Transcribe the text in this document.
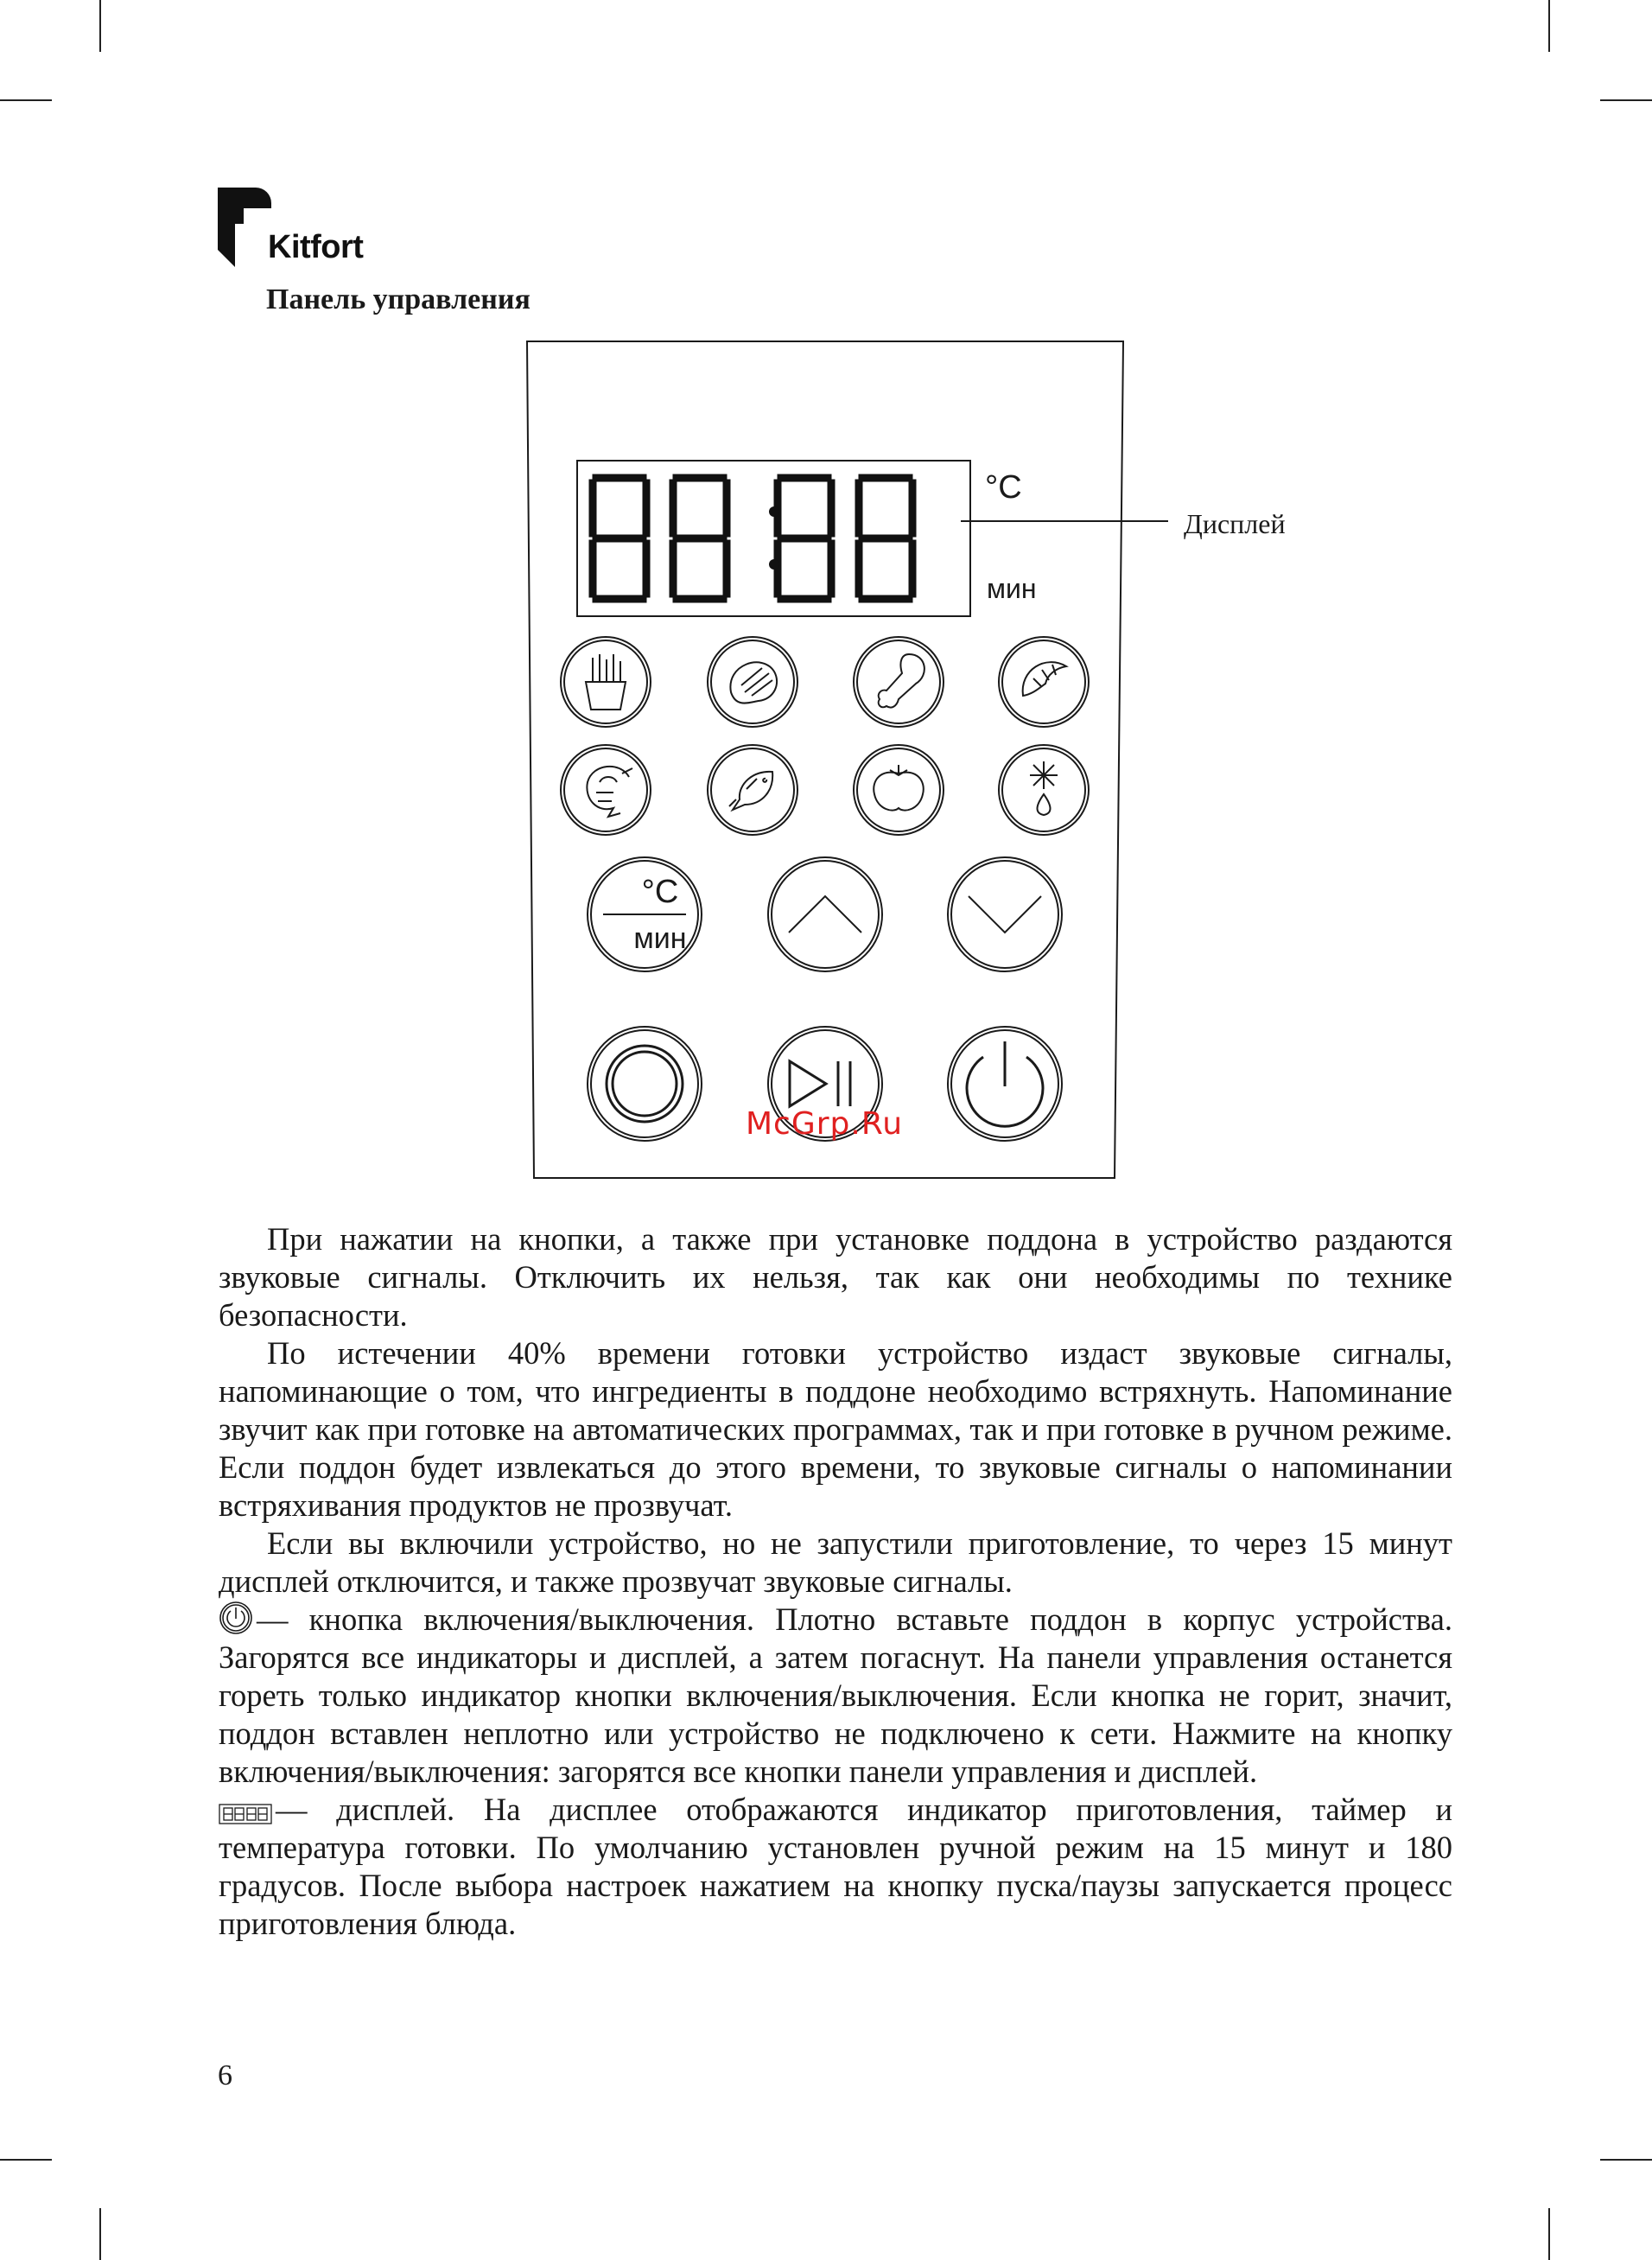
Kitfort
Панель управления
°C
мин
Дисплей
°C
мин
McGrp.Ru

При нажатии на кнопки, а также при установке поддона в устройство раздаются звуковые сигналы. Отключить их нельзя, так как они необходимы по технике безопасности.

По истечении 40% времени готовки устройство издаст звуковые сигналы, напоминающие о том, что ингредиенты в поддоне необходимо встряхнуть. Напоминание звучит как при готовке на автоматических программах, так и при готовке в ручном режиме. Если поддон будет извлекаться до этого времени, то звуковые сигналы о напоминании встряхивания продуктов не прозвучат.

Если вы включили устройство, но не запустили приготовление, то через 15 минут дисплей отключится, и также прозвучат звуковые сигналы.

— кнопка включения/выключения. Плотно вставьте поддон в корпус устройства. Загорятся все индикаторы и дисплей, а затем погаснут. На панели управления останется гореть только индикатор кнопки включения/выключения. Если кнопка не горит, значит, поддон вставлен неплотно или устройство не подключено к сети. Нажмите на кнопку включения/выключения: загорятся все кнопки панели управления и дисплей.

— дисплей. На дисплее отображаются индикатор приготовления, таймер и температура готовки. По умолчанию установлен ручной режим на 15 минут и 180 градусов. После выбора настроек нажатием на кнопку пуска/паузы запускается процесс приготовления блюда.

6
